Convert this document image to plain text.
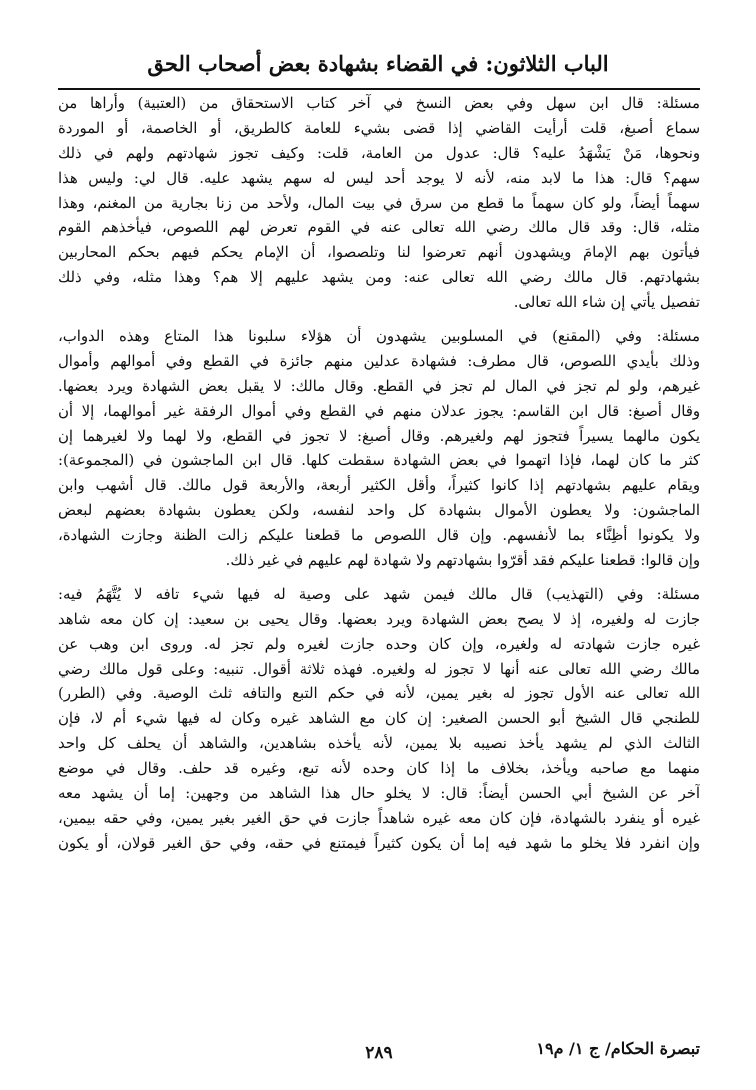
الباب الثلاثون: في القضاء بشهادة بعض أصحاب الحق
مسئلة: قال ابن سهل وفي بعض النسخ في آخر كتاب الاستحقاق من (العتبية) وأراها من
سماع أصبغ، قلت أرأيت القاضي إذا قضى بشيء للعامة كالطريق، أو الخاصمة، أو الموردة
ونحوها، مَنْ يَشْهَدُ عليه؟ قال: عدول من العامة، قلت: وكيف تجوز شهادتهم ولهم في ذلك
سهم؟ قال: هذا ما لابد منه، لأنه لا يوجد أحد ليس له سهم يشهد عليه. قال لي: وليس هذا
سهماً أيضاً، ولو كان سهماً ما قطع من سرق في بيت المال، ولأحد من زنا بجارية من المغنم، وهذا
مثله، قال: وقد قال مالك رضي الله تعالى عنه في القوم تعرض لهم اللصوص، فيأخذهم القوم
فيأتون بهم الإمامَ ويشهدون أنهم تعرضوا لنا وتلصصوا، أن الإمام يحكم فيهم بحكم المحاربين
بشهادتهم. قال مالك رضي الله تعالى عنه: ومن يشهد عليهم إلا هم؟ وهذا مثله، وفي ذلك
تفصيل يأتي إن شاء الله تعالى.
مسئلة: وفي (المقنع) في المسلوبين يشهدون أن هؤلاء سلبونا هذا المتاع وهذه الدواب،
وذلك بأيدي اللصوص، قال مطرف: فشهادة عدلين منهم جائزة في القطع وفي أموالهم وأموال
غيرهم، ولو لم تجز في المال لم تجز في القطع. وقال مالك: لا يقبل بعض الشهادة ويرد بعضها.
وقال أصبغ: قال ابن القاسم: يجوز عدلان منهم في القطع وفي أموال الرفقة غير أموالهما، إلا أن
يكون مالهما يسيراً فتجوز لهم ولغيرهم. وقال أصبغ: لا تجوز في القطع، ولا لهما ولا لغيرهما إن
كثر ما كان لهما، فإذا اتهموا في بعض الشهادة سقطت كلها. قال ابن الماجشون في (المجموعة):
ويقام عليهم بشهادتهم إذا كانوا كثيراً، وأقل الكثير أربعة، والأربعة قول مالك. قال أشهب وابن
الماجشون: ولا يعطون الأموال بشهادة كل واحد لنفسه، ولكن يعطون بشهادة بعضهم لبعض
ولا يكونوا أظِنَّاء بما لأنفسهم. وإن قال اللصوص ما قطعنا عليكم زالت الظنة وجازت الشهادة،
وإن قالوا: قطعنا عليكم فقد أقرّوا بشهادتهم ولا شهادة لهم عليهم في غير ذلك.
مسئلة: وفي (التهذيب) قال مالك فيمن شهد على وصية له فيها شيء تافه لا يُتَّهَمُ فيه:
جازت له ولغيره، إذ لا يصح بعض الشهادة ويرد بعضها. وقال يحيى بن سعيد: إن كان معه شاهد
غيره جازت شهادته له ولغيره، وإن كان وحده جازت لغيره ولم تجز له. وروى ابن وهب عن
مالك رضي الله تعالى عنه أنها لا تجوز له ولغيره. فهذه ثلاثة أقوال. تنبيه: وعلى قول مالك رضي
الله تعالى عنه الأول تجوز له بغير يمين، لأنه في حكم التبع والتافه ثلث الوصية. وفي (الطرر)
للطنجي قال الشيخ أبو الحسن الصغير: إن كان مع الشاهد غيره وكان له فيها شيء أم لا، فإن
الثالث الذي لم يشهد يأخذ نصيبه بلا يمين، لأنه يأخذه بشاهدين، والشاهد أن يحلف كل واحد
منهما مع صاحبه ويأخذ، بخلاف ما إذا كان وحده لأنه تبع، وغيره قد حلف. وقال في موضع
آخر عن الشيخ أبي الحسن أيضاً: قال: لا يخلو حال هذا الشاهد من وجهين: إما أن يشهد معه
غيره أو ينفرد بالشهادة، فإن كان معه غيره شاهداً جازت في حق الغير بغير يمين، وفي حقه بيمين،
وإن انفرد فلا يخلو ما شهد فيه إما أن يكون كثيراً فيمتنع في حقه، وفي حق الغير قولان، أو يكون
تبصرة الحكام/ ج ١/ م١٩
٢٨٩
